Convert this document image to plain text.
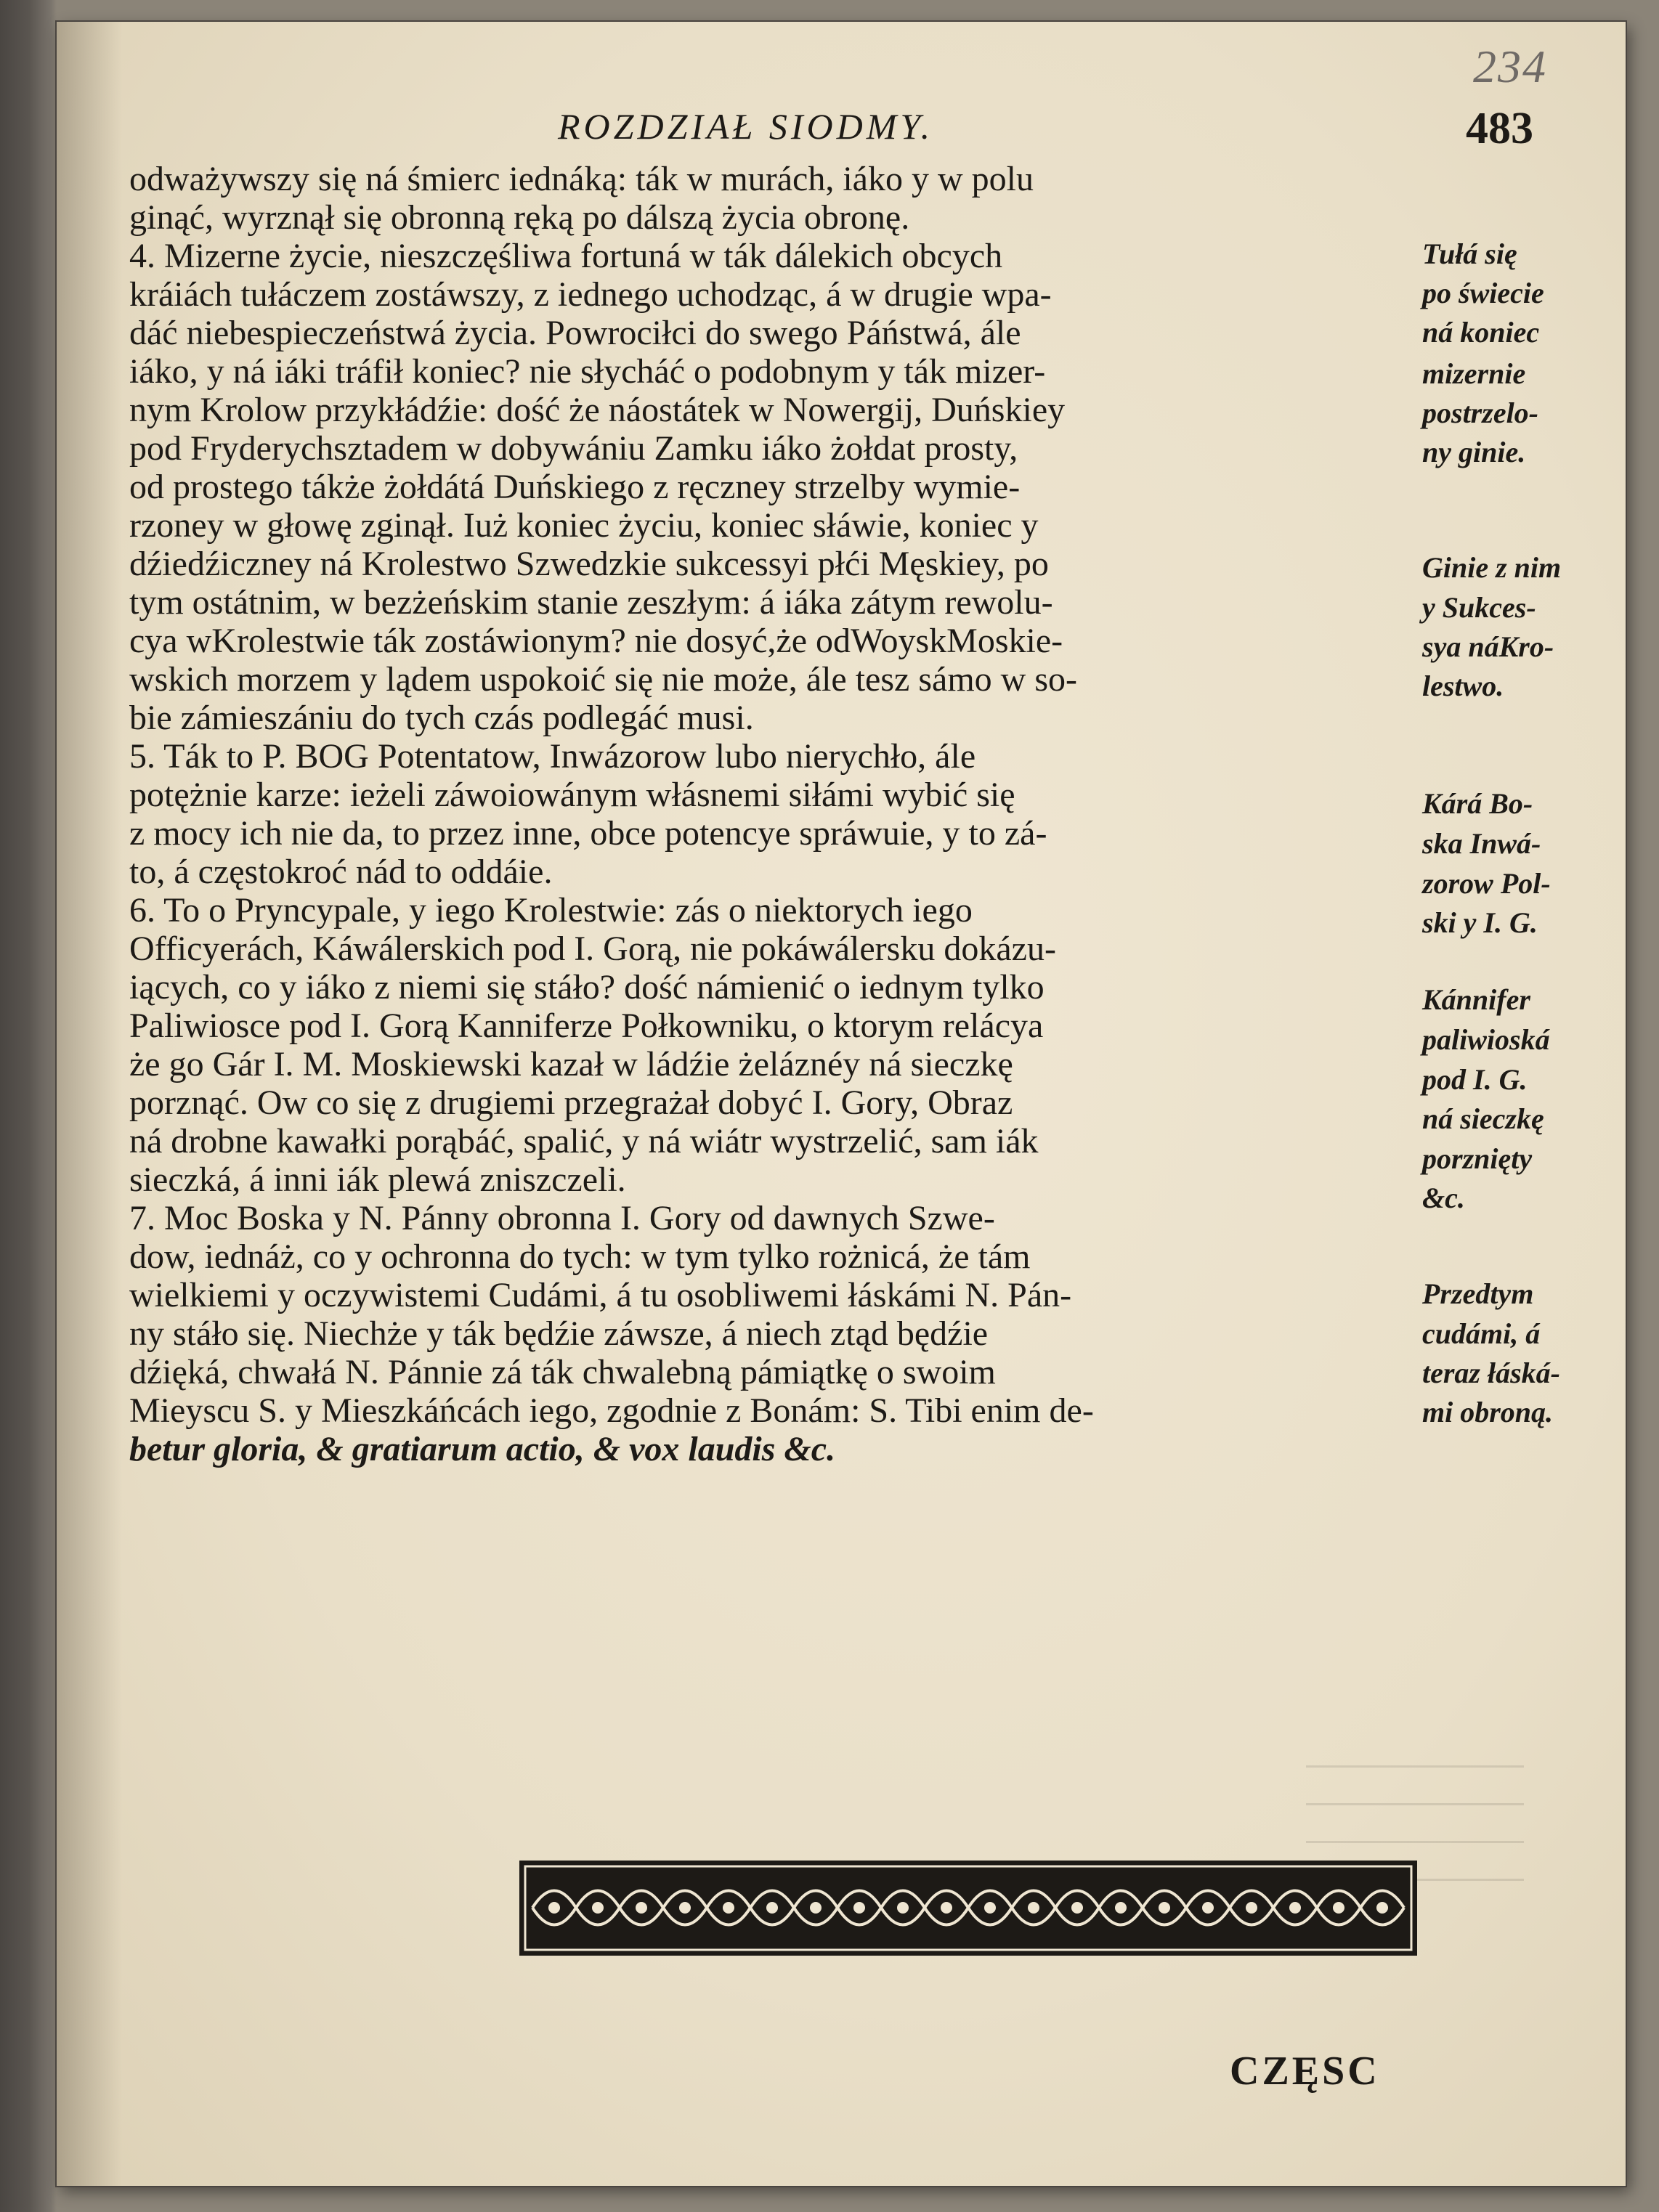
234
ROZDZIAŁ SIODMY.	483
odważywszy się ná śmierc iednáką: ták w murách, iáko y w polu
ginąć, wyrznął się obronną ręką po dálszą życia obronę.
4. Mizerne życie, nieszczęśliwa fortuná w ták dálekich obcych
kráiách tułáczem zostáwszy, z iednego uchodząc, á w drugie wpa-
dáć niebespieczeństwá życia. Powrociłci do swego Páństwá, ále
iáko, y ná iáki tráfił koniec? nie słycháć o podobnym y ták mizer-
nym Krolow przykłádźie: dość że náostátek w Nowergij, Duńskiey
pod Fryderychsztadem w dobywániu Zamku iáko żołdat prosty,
od prostego tákże żołdátá Duńskiego z ręczney strzelby wymie-
rzoney w głowę zginął. Iuż koniec życiu, koniec słáwie, koniec y
dźiedźiczney ná Krolestwo Szwedzkie sukcessyi płći Męskiey, po
tym ostátnim, w bezżeńskim stanie zeszłym: á iáka zátym rewolu-
cya wKrolestwie ták zostáwionym? nie dosyć,że odWoyskMoskie-
wskich morzem y lądem uspokoić się nie może, ále tesz sámo w so-
bie zámieszániu do tych czás podlegáć musi.
5. Ták to P. BOG Potentatow, Inwázorow lubo nierychło, ále
potężnie karze: ieżeli záwoiowánym włásnemi siłámi wybić się
z mocy ich nie da, to przez inne, obce potencye spráwuie, y to zá-
to, á częstokroć nád to oddáie.
6. To o Pryncypale, y iego Krolestwie: zás o niektorych iego
Officyerách, Káwálerskich pod I. Gorą, nie pokáwálersku dokázu-
iących, co y iáko z niemi się stáło? dość námienić o iednym tylko
Paliwiosce pod I. Gorą Kanniferze Połkowniku, o ktorym relácya
że go Gár I. M. Moskiewski kazał w ládźie żeláznéy ná sieczkę
porznąć. Ow co się z drugiemi przegrażał dobyć I. Gory, Obraz
ná drobne kawałki porąbáć, spalić, y ná wiátr wystrzelić, sam iák
sieczká, á inni iák plewá zniszczeli.
7. Moc Boska y N. Pánny obronna I. Gory od dawnych Szwe-
dow, iednáż, co y ochronna do tych: w tym tylko rożnicá, że tám
wielkiemi y oczywistemi Cudámi, á tu osobliwemi łáskámi N. Pán-
ny stáło się. Niechże y ták będźie záwsze, á niech ztąd będźie
dźięká, chwałá N. Pánnie zá ták chwalebną pámiątkę o swoim
Mieyscu S. y Mieszkáńcách iego, zgodnie z Bonám: S. Tibi enim de-
betur gloria, & gratiarum actio, & vox laudis &c.
Tułá się
po świecie
ná koniec
mizernie
postrzelo-
ny ginie.
Ginie z nim
y Sukces-
sya náKro-
lestwo.
Kárá Bo-
ska Inwá-
zorow Pol-
ski y I. G.
Kánnifer
paliwioská
pod I. G.
ná sieczkę
porznięty
&c.
Przedtym
cudámi, á
teraz łáská-
mi obroną.
CZĘSC
